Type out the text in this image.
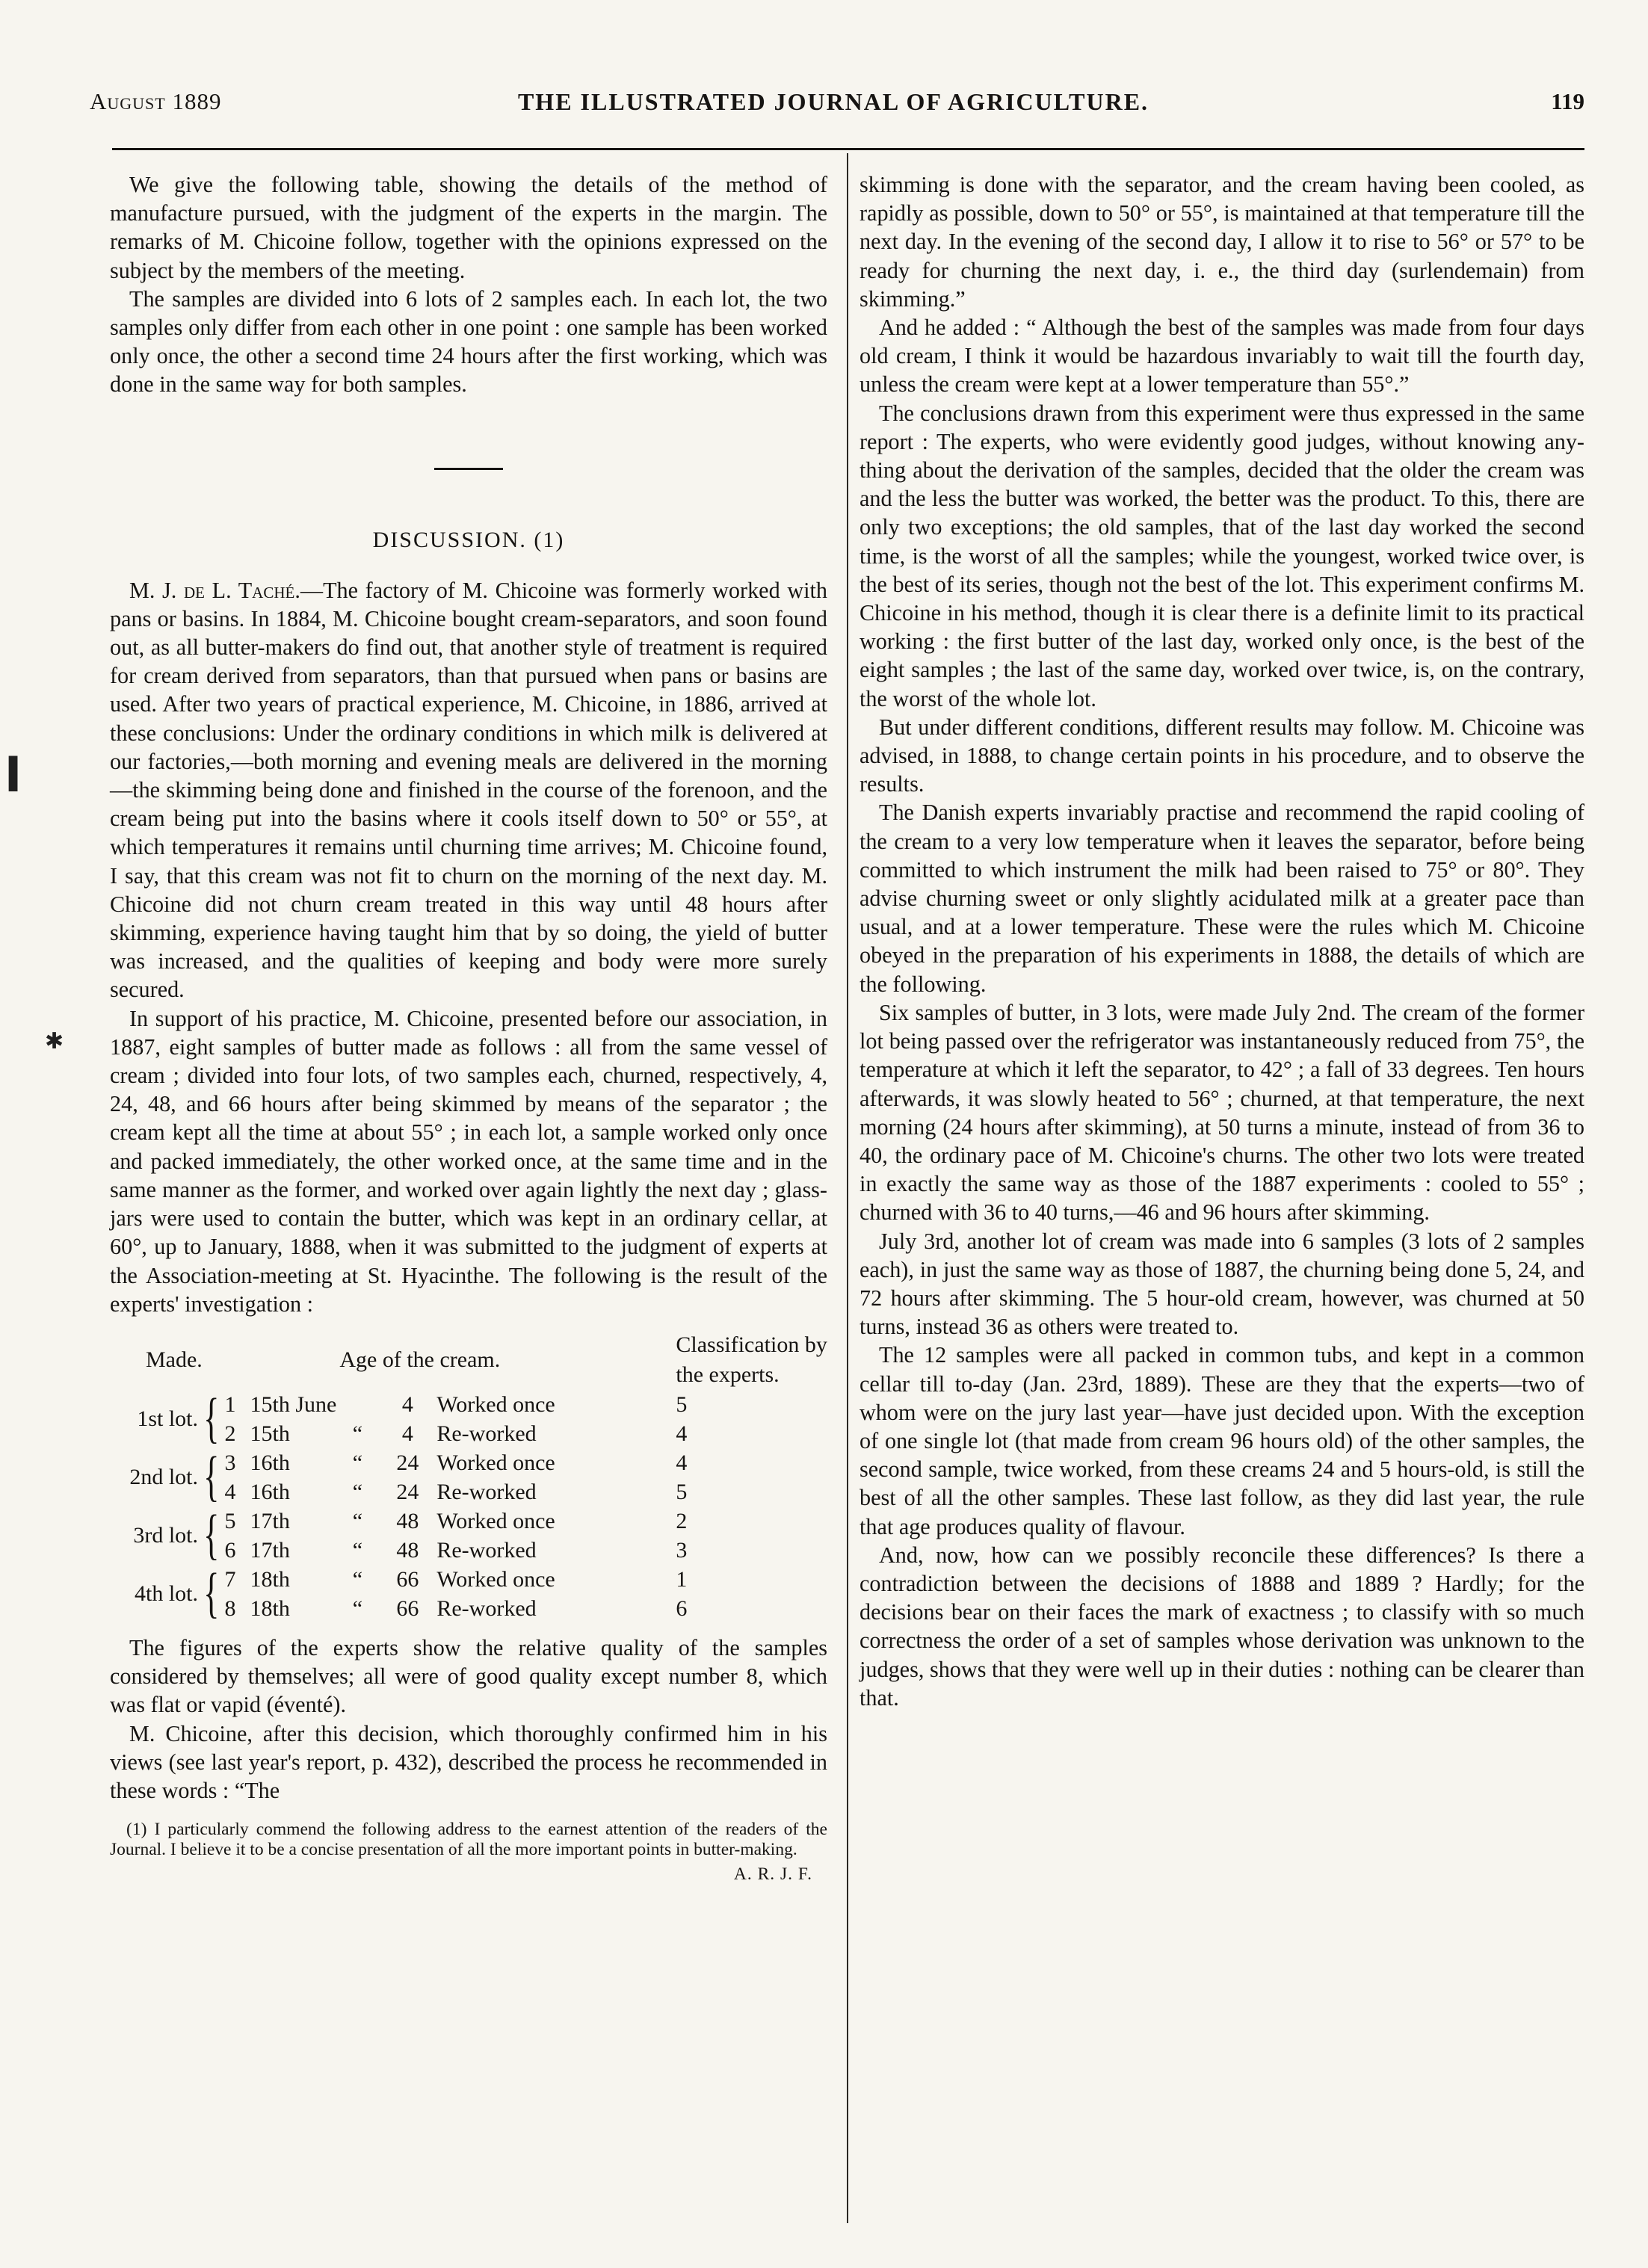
August 1889	THE ILLUSTRATED JOURNAL OF AGRICULTURE.	119
▍
✱

We give the following table, showing the details of the method of manufacture pursued, with the judgment of the experts in the margin. The remarks of M. Chicoine follow, together with the opinions expressed on the subject by the members of the meeting.

The samples are divided into 6 lots of 2 samples each. In each lot, the two samples only differ from each other in one point : one sample has been worked only once, the other a second time 24 hours after the first working, which was done in the same way for both samples.

DISCUSSION. (1)

M. J. de L. Taché.—The factory of M. Chicoine was formerly worked with pans or basins. In 1884, M. Chicoine bought cream-separators, and soon found out, as all butter-makers do find out, that another style of treatment is required for cream derived from separators, than that pursued when pans or basins are used. After two years of practical experience, M. Chicoine, in 1886, arrived at these conclusions: Under the ordinary conditions in which milk is delivered at our factories,—both morning and evening meals are delivered in the morning—the skimming being done and finished in the course of the forenoon, and the cream being put into the basins where it cools itself down to 50° or 55°, at which temperatures it remains until churning time arrives; M. Chicoine found, I say, that this cream was not fit to churn on the morning of the next day. M. Chicoine did not churn cream treated in this way until 48 hours after skimming, experience having taught him that by so doing, the yield of butter was increased, and the qualities of keeping and body were more surely secured.

In support of his practice, M. Chicoine, presented before our association, in 1887, eight samples of butter made as follows : all from the same vessel of cream ; divided into four lots, of two samples each, churned, respectively, 4, 24, 48, and 66 hours after being skimmed by means of the separator ; the cream kept all the time at about 55° ; in each lot, a sample worked only once and packed immediately, the other worked once, at the same time and in the same manner as the former, and worked over again lightly the next day ; glass-jars were used to contain the butter, which was kept in an ordinary cellar, at 60°, up to January, 1888, when it was submitted to the judgment of experts at the Association-meeting at St. Hyacinthe. The following is the result of the experts' investigation :

Made.				Age of the cream.			Classification by the experts.
1st lot.	{	1	15th June		4	Worked once	5
		2	15th	“	4	Re-worked	4
2nd lot.	{	3	16th	“	24	Worked once	4
		4	16th	“	24	Re-worked	5
3rd lot.	{	5	17th	“	48	Worked once	2
		6	17th	“	48	Re-worked	3
4th lot.	{	7	18th	“	66	Worked once	1
		8	18th	“	66	Re-worked	6

The figures of the experts show the relative quality of the samples considered by themselves; all were of good quality except number 8, which was flat or vapid (éventé).

M. Chicoine, after this decision, which thoroughly confirmed him in his views (see last year's report, p. 432), described the process he recommended in these words : “The

(1) I particularly commend the following address to the earnest attention of the readers of the Journal. I believe it to be a concise presentation of all the more important points in butter-making.
A. R. J. F.

skimming is done with the separator, and the cream having been cooled, as rapidly as possible, down to 50° or 55°, is maintained at that temperature till the next day. In the evening of the second day, I allow it to rise to 56° or 57° to be ready for churning the next day, i. e., the third day (surlendemain) from skimming.”

And he added : “ Although the best of the samples was made from four days old cream, I think it would be hazardous invariably to wait till the fourth day, unless the cream were kept at a lower temperature than 55°.”

The conclusions drawn from this experiment were thus expressed in the same report : The experts, who were evidently good judges, without knowing any-thing about the derivation of the samples, decided that the older the cream was and the less the butter was worked, the better was the product. To this, there are only two exceptions; the old samples, that of the last day worked the second time, is the worst of all the samples; while the youngest, worked twice over, is the best of its series, though not the best of the lot. This experiment confirms M. Chicoine in his method, though it is clear there is a definite limit to its practical working : the first butter of the last day, worked only once, is the best of the eight samples ; the last of the same day, worked over twice, is, on the contrary, the worst of the whole lot.

But under different conditions, different results may follow. M. Chicoine was advised, in 1888, to change certain points in his procedure, and to observe the results.

The Danish experts invariably practise and recommend the rapid cooling of the cream to a very low temperature when it leaves the separator, before being committed to which instrument the milk had been raised to 75° or 80°. They advise churning sweet or only slightly acidulated milk at a greater pace than usual, and at a lower temperature. These were the rules which M. Chicoine obeyed in the preparation of his experiments in 1888, the details of which are the following.

Six samples of butter, in 3 lots, were made July 2nd. The cream of the former lot being passed over the refrigerator was instantaneously reduced from 75°, the temperature at which it left the separator, to 42° ; a fall of 33 degrees. Ten hours afterwards, it was slowly heated to 56° ; churned, at that temperature, the next morning (24 hours after skimming), at 50 turns a minute, instead of from 36 to 40, the ordinary pace of M. Chicoine's churns. The other two lots were treated in exactly the same way as those of the 1887 experiments : cooled to 55° ; churned with 36 to 40 turns,—46 and 96 hours after skimming.

July 3rd, another lot of cream was made into 6 samples (3 lots of 2 samples each), in just the same way as those of 1887, the churning being done 5, 24, and 72 hours after skimming. The 5 hour-old cream, however, was churned at 50 turns, instead 36 as others were treated to.

The 12 samples were all packed in common tubs, and kept in a common cellar till to-day (Jan. 23rd, 1889). These are they that the experts—two of whom were on the jury last year—have just decided upon. With the exception of one single lot (that made from cream 96 hours old) of the other samples, the second sample, twice worked, from these creams 24 and 5 hours-old, is still the best of all the other samples. These last follow, as they did last year, the rule that age produces quality of flavour.

And, now, how can we possibly reconcile these differences? Is there a contradiction between the decisions of 1888 and 1889 ? Hardly; for the decisions bear on their faces the mark of exactness ; to classify with so much correctness the order of a set of samples whose derivation was unknown to the judges, shows that they were well up in their duties : nothing can be clearer than that.
